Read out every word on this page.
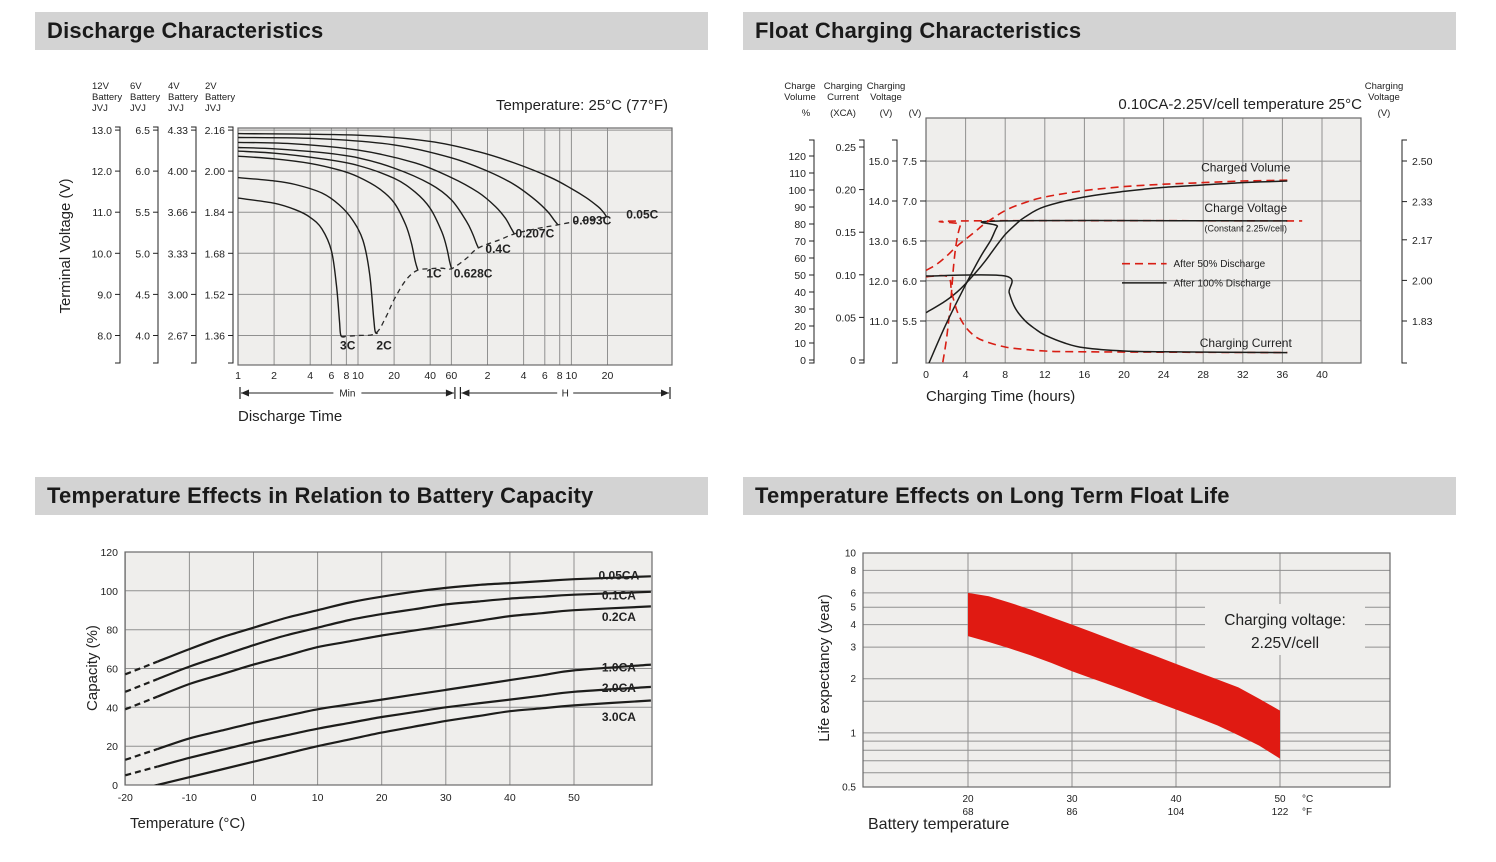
Discharge Characteristics	Float Charging Characteristics
Temperature Effects in Relation to Battery Capacity	Temperature Effects on Long Term Float Life
12V
Battery
JVJ
13.0
12.0
11.0
10.0
9.0
8.0
6V
Battery
JVJ
6.5
6.0
5.5
5.0
4.5
4.0
4V
Battery
JVJ
4.33
4.00
3.66
3.33
3.00
2.67
2V
Battery
JVJ
2.16
2.00
1.84
1.68
1.52
1.36
3C 2C
1C 0.628C
0.4C
0.207C
0.093C 0.05C
1	2	4 6 8 10 20 40 60	2	4 6 8 10 20
Min	H
Discharge Time
Temperature: 25°C (77°F)
Terminal Voltage (V)
Charge
Volume
%
120
110
100
90
80
70
60
50
40
30
20
10
0
Charging
Current
(XCA)
0.25
0.20
0.15
0.10
0.05
0
Charging
Voltage
(V)
15.0
14.0
13.0
12.0
11.0
(V)
7.5
7.0
6.5
6.0
5.5
Charging
Voltage
(V)
2.50
2.33
2.17
2.00
1.83
Charged Volume
Charge Voltage
(Constant 2.25v/cell)
Charging Current
After 50% Discharge
After 100% Discharge
0	4	8	12	16	20	24	28	32	36	40
Charging Time (hours)
0.10CA-2.25V/cell temperature 25°C
0.05CA
0.1CA
0.2CA
1.0CA
2.0CA
3.0CA
0
20
40
60
80
100
120
-20	-10	0	10	20	30	40	50
Temperature (°C)
Capacity (%)
Charging voltage:
2.25V/cell
10
8
6
5
4
3
2
1
0.5
20
68
30
86
40
104
50
122
°C
°F
Battery temperature
Life expectancy (year)
